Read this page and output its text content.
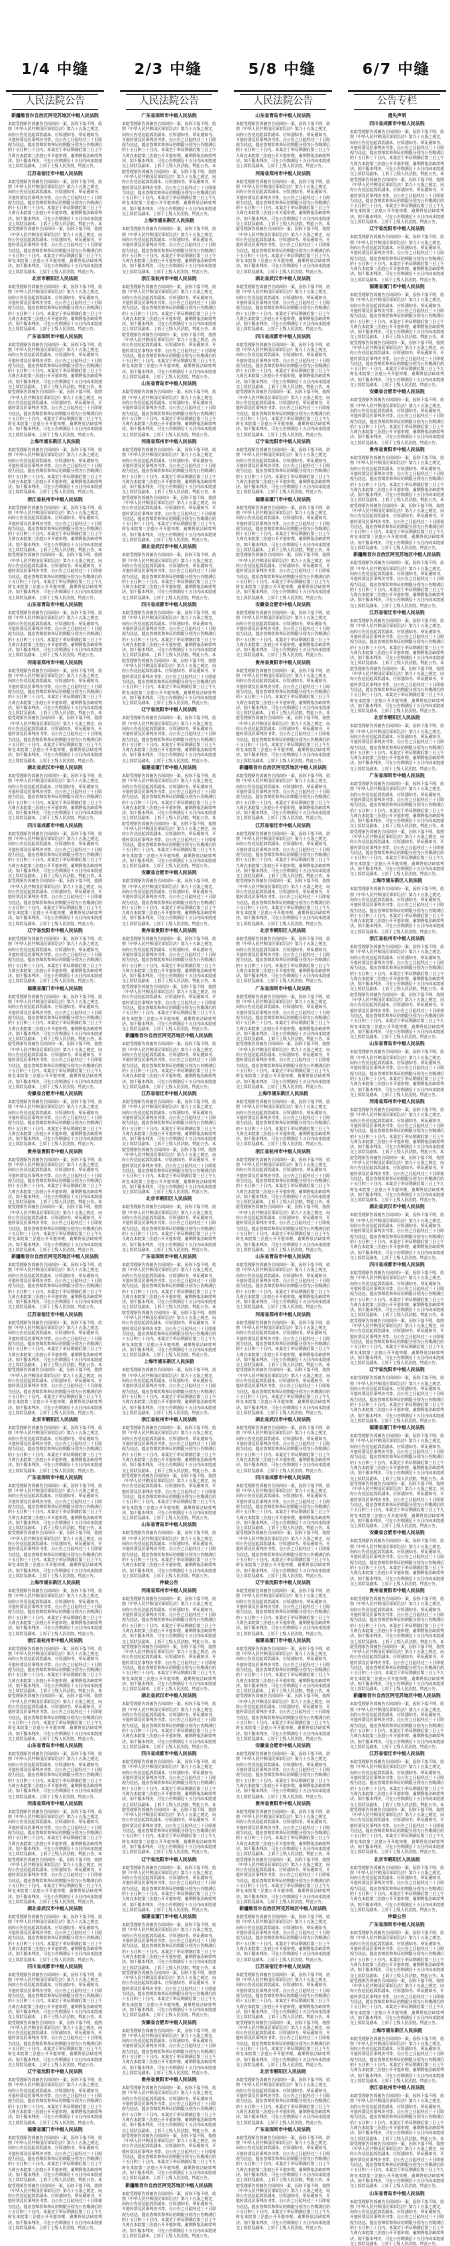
1/4 中缝	2/3 中缝	5/8 中缝	6/7 中缝
人民法院公告
新疆维吾尔自治区阿克苏地区中级人民法院
本院受理原告诉被告合同纠纷一案，因你下落不明，依照《中华人民共和国民事诉讼法》第九十五条之规定，向你公告送达起诉状副本、应诉通知书、举证通知书、开庭传票及民事判决书等。自公告之日起经过三十日即视为送达。提出答辩状和举证的期限分别为公告期满后的十五日和三十日内。本案定于举证期满后第三日上午九时在本院第三法庭公开开庭审理，逾期将依法缺席判决。如不服本判决，可在公告期满后十五日内向本院递交上诉状及副本，上诉于上级人民法院。特此公告。
江苏省宿迁市中级人民法院
本院受理原告诉被告合同纠纷一案，因你下落不明，依照《中华人民共和国民事诉讼法》第九十五条之规定，向你公告送达起诉状副本、应诉通知书、举证通知书、开庭传票及民事判决书等。自公告之日起经过三十日即视为送达。提出答辩状和举证的期限分别为公告期满后的十五日和三十日内。本案定于举证期满后第三日上午九时在本院第三法庭公开开庭审理，逾期将依法缺席判决。如不服本判决，可在公告期满后十五日内向本院递交上诉状及副本，上诉于上级人民法院。特此公告。本院受理原告诉被告合同纠纷一案，因你下落不明，依照《中华人民共和国民事诉讼法》第九十五条之规定，向你公告送达起诉状副本、应诉通知书、举证通知书、开庭传票及民事判决书等。自公告之日起经过三十日即视为送达。提出答辩状和举证的期限分别为公告期满后的十五日和三十日内。本案定于举证期满后第三日上午九时在本院第三法庭公开开庭审理，逾期将依法缺席判决。如不服本判决，可在公告期满后十五日内向本院递交上诉状及副本，上诉于上级人民法院。特此公告。
北京市朝阳区人民法院
本院受理原告诉被告合同纠纷一案，因你下落不明，依照《中华人民共和国民事诉讼法》第九十五条之规定，向你公告送达起诉状副本、应诉通知书、举证通知书、开庭传票及民事判决书等。自公告之日起经过三十日即视为送达。提出答辩状和举证的期限分别为公告期满后的十五日和三十日内。本案定于举证期满后第三日上午九时在本院第三法庭公开开庭审理，逾期将依法缺席判决。如不服本判决，可在公告期满后十五日内向本院递交上诉状及副本，上诉于上级人民法院。特此公告。
广东省深圳市中级人民法院
本院受理原告诉被告合同纠纷一案，因你下落不明，依照《中华人民共和国民事诉讼法》第九十五条之规定，向你公告送达起诉状副本、应诉通知书、举证通知书、开庭传票及民事判决书等。自公告之日起经过三十日即视为送达。提出答辩状和举证的期限分别为公告期满后的十五日和三十日内。本案定于举证期满后第三日上午九时在本院第三法庭公开开庭审理，逾期将依法缺席判决。如不服本判决，可在公告期满后十五日内向本院递交上诉状及副本，上诉于上级人民法院。特此公告。本院受理原告诉被告合同纠纷一案，因你下落不明，依照《中华人民共和国民事诉讼法》第九十五条之规定，向你公告送达起诉状副本、应诉通知书、举证通知书、开庭传票及民事判决书等。自公告之日起经过三十日即视为送达。提出答辩状和举证的期限分别为公告期满后的十五日和三十日内。本案定于举证期满后第三日上午九时在本院第三法庭公开开庭审理，逾期将依法缺席判决。如不服本判决，可在公告期满后十五日内向本院递交上诉状及副本，上诉于上级人民法院。特此公告。
上海市浦东新区人民法院
本院受理原告诉被告合同纠纷一案，因你下落不明，依照《中华人民共和国民事诉讼法》第九十五条之规定，向你公告送达起诉状副本、应诉通知书、举证通知书、开庭传票及民事判决书等。自公告之日起经过三十日即视为送达。提出答辩状和举证的期限分别为公告期满后的十五日和三十日内。本案定于举证期满后第三日上午九时在本院第三法庭公开开庭审理，逾期将依法缺席判决。如不服本判决，可在公告期满后十五日内向本院递交上诉状及副本，上诉于上级人民法院。特此公告。
浙江省杭州市中级人民法院
本院受理原告诉被告合同纠纷一案，因你下落不明，依照《中华人民共和国民事诉讼法》第九十五条之规定，向你公告送达起诉状副本、应诉通知书、举证通知书、开庭传票及民事判决书等。自公告之日起经过三十日即视为送达。提出答辩状和举证的期限分别为公告期满后的十五日和三十日内。本案定于举证期满后第三日上午九时在本院第三法庭公开开庭审理，逾期将依法缺席判决。如不服本判决，可在公告期满后十五日内向本院递交上诉状及副本，上诉于上级人民法院。特此公告。本院受理原告诉被告合同纠纷一案，因你下落不明，依照《中华人民共和国民事诉讼法》第九十五条之规定，向你公告送达起诉状副本、应诉通知书、举证通知书、开庭传票及民事判决书等。自公告之日起经过三十日即视为送达。提出答辩状和举证的期限分别为公告期满后的十五日和三十日内。本案定于举证期满后第三日上午九时在本院第三法庭公开开庭审理，逾期将依法缺席判决。如不服本判决，可在公告期满后十五日内向本院递交上诉状及副本，上诉于上级人民法院。特此公告。
山东省青岛市中级人民法院
本院受理原告诉被告合同纠纷一案，因你下落不明，依照《中华人民共和国民事诉讼法》第九十五条之规定，向你公告送达起诉状副本、应诉通知书、举证通知书、开庭传票及民事判决书等。自公告之日起经过三十日即视为送达。提出答辩状和举证的期限分别为公告期满后的十五日和三十日内。本案定于举证期满后第三日上午九时在本院第三法庭公开开庭审理，逾期将依法缺席判决。如不服本判决，可在公告期满后十五日内向本院递交上诉状及副本，上诉于上级人民法院。特此公告。
河南省郑州市中级人民法院
本院受理原告诉被告合同纠纷一案，因你下落不明，依照《中华人民共和国民事诉讼法》第九十五条之规定，向你公告送达起诉状副本、应诉通知书、举证通知书、开庭传票及民事判决书等。自公告之日起经过三十日即视为送达。提出答辩状和举证的期限分别为公告期满后的十五日和三十日内。本案定于举证期满后第三日上午九时在本院第三法庭公开开庭审理，逾期将依法缺席判决。如不服本判决，可在公告期满后十五日内向本院递交上诉状及副本，上诉于上级人民法院。特此公告。本院受理原告诉被告合同纠纷一案，因你下落不明，依照《中华人民共和国民事诉讼法》第九十五条之规定，向你公告送达起诉状副本、应诉通知书、举证通知书、开庭传票及民事判决书等。自公告之日起经过三十日即视为送达。提出答辩状和举证的期限分别为公告期满后的十五日和三十日内。本案定于举证期满后第三日上午九时在本院第三法庭公开开庭审理，逾期将依法缺席判决。如不服本判决，可在公告期满后十五日内向本院递交上诉状及副本，上诉于上级人民法院。特此公告。
湖北省武汉市中级人民法院
本院受理原告诉被告合同纠纷一案，因你下落不明，依照《中华人民共和国民事诉讼法》第九十五条之规定，向你公告送达起诉状副本、应诉通知书、举证通知书、开庭传票及民事判决书等。自公告之日起经过三十日即视为送达。提出答辩状和举证的期限分别为公告期满后的十五日和三十日内。本案定于举证期满后第三日上午九时在本院第三法庭公开开庭审理，逾期将依法缺席判决。如不服本判决，可在公告期满后十五日内向本院递交上诉状及副本，上诉于上级人民法院。特此公告。
四川省成都市中级人民法院
本院受理原告诉被告合同纠纷一案，因你下落不明，依照《中华人民共和国民事诉讼法》第九十五条之规定，向你公告送达起诉状副本、应诉通知书、举证通知书、开庭传票及民事判决书等。自公告之日起经过三十日即视为送达。提出答辩状和举证的期限分别为公告期满后的十五日和三十日内。本案定于举证期满后第三日上午九时在本院第三法庭公开开庭审理，逾期将依法缺席判决。如不服本判决，可在公告期满后十五日内向本院递交上诉状及副本，上诉于上级人民法院。特此公告。本院受理原告诉被告合同纠纷一案，因你下落不明，依照《中华人民共和国民事诉讼法》第九十五条之规定，向你公告送达起诉状副本、应诉通知书、举证通知书、开庭传票及民事判决书等。自公告之日起经过三十日即视为送达。提出答辩状和举证的期限分别为公告期满后的十五日和三十日内。本案定于举证期满后第三日上午九时在本院第三法庭公开开庭审理，逾期将依法缺席判决。如不服本判决，可在公告期满后十五日内向本院递交上诉状及副本，上诉于上级人民法院。特此公告。
辽宁省沈阳市中级人民法院
本院受理原告诉被告合同纠纷一案，因你下落不明，依照《中华人民共和国民事诉讼法》第九十五条之规定，向你公告送达起诉状副本、应诉通知书、举证通知书、开庭传票及民事判决书等。自公告之日起经过三十日即视为送达。提出答辩状和举证的期限分别为公告期满后的十五日和三十日内。本案定于举证期满后第三日上午九时在本院第三法庭公开开庭审理，逾期将依法缺席判决。如不服本判决，可在公告期满后十五日内向本院递交上诉状及副本，上诉于上级人民法院。特此公告。
福建省厦门市中级人民法院
本院受理原告诉被告合同纠纷一案，因你下落不明，依照《中华人民共和国民事诉讼法》第九十五条之规定，向你公告送达起诉状副本、应诉通知书、举证通知书、开庭传票及民事判决书等。自公告之日起经过三十日即视为送达。提出答辩状和举证的期限分别为公告期满后的十五日和三十日内。本案定于举证期满后第三日上午九时在本院第三法庭公开开庭审理，逾期将依法缺席判决。如不服本判决，可在公告期满后十五日内向本院递交上诉状及副本，上诉于上级人民法院。特此公告。本院受理原告诉被告合同纠纷一案，因你下落不明，依照《中华人民共和国民事诉讼法》第九十五条之规定，向你公告送达起诉状副本、应诉通知书、举证通知书、开庭传票及民事判决书等。自公告之日起经过三十日即视为送达。提出答辩状和举证的期限分别为公告期满后的十五日和三十日内。本案定于举证期满后第三日上午九时在本院第三法庭公开开庭审理，逾期将依法缺席判决。如不服本判决，可在公告期满后十五日内向本院递交上诉状及副本，上诉于上级人民法院。特此公告。
安徽省合肥市中级人民法院
本院受理原告诉被告合同纠纷一案，因你下落不明，依照《中华人民共和国民事诉讼法》第九十五条之规定，向你公告送达起诉状副本、应诉通知书、举证通知书、开庭传票及民事判决书等。自公告之日起经过三十日即视为送达。提出答辩状和举证的期限分别为公告期满后的十五日和三十日内。本案定于举证期满后第三日上午九时在本院第三法庭公开开庭审理，逾期将依法缺席判决。如不服本判决，可在公告期满后十五日内向本院递交上诉状及副本，上诉于上级人民法院。特此公告。
贵州省贵阳市中级人民法院
本院受理原告诉被告合同纠纷一案，因你下落不明，依照《中华人民共和国民事诉讼法》第九十五条之规定，向你公告送达起诉状副本、应诉通知书、举证通知书、开庭传票及民事判决书等。自公告之日起经过三十日即视为送达。提出答辩状和举证的期限分别为公告期满后的十五日和三十日内。本案定于举证期满后第三日上午九时在本院第三法庭公开开庭审理，逾期将依法缺席判决。如不服本判决，可在公告期满后十五日内向本院递交上诉状及副本，上诉于上级人民法院。特此公告。本院受理原告诉被告合同纠纷一案，因你下落不明，依照《中华人民共和国民事诉讼法》第九十五条之规定，向你公告送达起诉状副本、应诉通知书、举证通知书、开庭传票及民事判决书等。自公告之日起经过三十日即视为送达。提出答辩状和举证的期限分别为公告期满后的十五日和三十日内。本案定于举证期满后第三日上午九时在本院第三法庭公开开庭审理，逾期将依法缺席判决。如不服本判决，可在公告期满后十五日内向本院递交上诉状及副本，上诉于上级人民法院。特此公告。
新疆维吾尔自治区阿克苏地区中级人民法院
本院受理原告诉被告合同纠纷一案，因你下落不明，依照《中华人民共和国民事诉讼法》第九十五条之规定，向你公告送达起诉状副本、应诉通知书、举证通知书、开庭传票及民事判决书等。自公告之日起经过三十日即视为送达。提出答辩状和举证的期限分别为公告期满后的十五日和三十日内。本案定于举证期满后第三日上午九时在本院第三法庭公开开庭审理，逾期将依法缺席判决。如不服本判决，可在公告期满后十五日内向本院递交上诉状及副本，上诉于上级人民法院。特此公告。
江苏省宿迁市中级人民法院
本院受理原告诉被告合同纠纷一案，因你下落不明，依照《中华人民共和国民事诉讼法》第九十五条之规定，向你公告送达起诉状副本、应诉通知书、举证通知书、开庭传票及民事判决书等。自公告之日起经过三十日即视为送达。提出答辩状和举证的期限分别为公告期满后的十五日和三十日内。本案定于举证期满后第三日上午九时在本院第三法庭公开开庭审理，逾期将依法缺席判决。如不服本判决，可在公告期满后十五日内向本院递交上诉状及副本，上诉于上级人民法院。特此公告。本院受理原告诉被告合同纠纷一案，因你下落不明，依照《中华人民共和国民事诉讼法》第九十五条之规定，向你公告送达起诉状副本、应诉通知书、举证通知书、开庭传票及民事判决书等。自公告之日起经过三十日即视为送达。提出答辩状和举证的期限分别为公告期满后的十五日和三十日内。本案定于举证期满后第三日上午九时在本院第三法庭公开开庭审理，逾期将依法缺席判决。如不服本判决，可在公告期满后十五日内向本院递交上诉状及副本，上诉于上级人民法院。特此公告。
北京市朝阳区人民法院
本院受理原告诉被告合同纠纷一案，因你下落不明，依照《中华人民共和国民事诉讼法》第九十五条之规定，向你公告送达起诉状副本、应诉通知书、举证通知书、开庭传票及民事判决书等。自公告之日起经过三十日即视为送达。提出答辩状和举证的期限分别为公告期满后的十五日和三十日内。本案定于举证期满后第三日上午九时在本院第三法庭公开开庭审理，逾期将依法缺席判决。如不服本判决，可在公告期满后十五日内向本院递交上诉状及副本，上诉于上级人民法院。特此公告。
广东省深圳市中级人民法院
本院受理原告诉被告合同纠纷一案，因你下落不明，依照《中华人民共和国民事诉讼法》第九十五条之规定，向你公告送达起诉状副本、应诉通知书、举证通知书、开庭传票及民事判决书等。自公告之日起经过三十日即视为送达。提出答辩状和举证的期限分别为公告期满后的十五日和三十日内。本案定于举证期满后第三日上午九时在本院第三法庭公开开庭审理，逾期将依法缺席判决。如不服本判决，可在公告期满后十五日内向本院递交上诉状及副本，上诉于上级人民法院。特此公告。本院受理原告诉被告合同纠纷一案，因你下落不明，依照《中华人民共和国民事诉讼法》第九十五条之规定，向你公告送达起诉状副本、应诉通知书、举证通知书、开庭传票及民事判决书等。自公告之日起经过三十日即视为送达。提出答辩状和举证的期限分别为公告期满后的十五日和三十日内。本案定于举证期满后第三日上午九时在本院第三法庭公开开庭审理，逾期将依法缺席判决。如不服本判决，可在公告期满后十五日内向本院递交上诉状及副本，上诉于上级人民法院。特此公告。
上海市浦东新区人民法院
本院受理原告诉被告合同纠纷一案，因你下落不明，依照《中华人民共和国民事诉讼法》第九十五条之规定，向你公告送达起诉状副本、应诉通知书、举证通知书、开庭传票及民事判决书等。自公告之日起经过三十日即视为送达。提出答辩状和举证的期限分别为公告期满后的十五日和三十日内。本案定于举证期满后第三日上午九时在本院第三法庭公开开庭审理，逾期将依法缺席判决。如不服本判决，可在公告期满后十五日内向本院递交上诉状及副本，上诉于上级人民法院。特此公告。
浙江省杭州市中级人民法院
本院受理原告诉被告合同纠纷一案，因你下落不明，依照《中华人民共和国民事诉讼法》第九十五条之规定，向你公告送达起诉状副本、应诉通知书、举证通知书、开庭传票及民事判决书等。自公告之日起经过三十日即视为送达。提出答辩状和举证的期限分别为公告期满后的十五日和三十日内。本案定于举证期满后第三日上午九时在本院第三法庭公开开庭审理，逾期将依法缺席判决。如不服本判决，可在公告期满后十五日内向本院递交上诉状及副本，上诉于上级人民法院。特此公告。本院受理原告诉被告合同纠纷一案，因你下落不明，依照《中华人民共和国民事诉讼法》第九十五条之规定，向你公告送达起诉状副本、应诉通知书、举证通知书、开庭传票及民事判决书等。自公告之日起经过三十日即视为送达。提出答辩状和举证的期限分别为公告期满后的十五日和三十日内。本案定于举证期满后第三日上午九时在本院第三法庭公开开庭审理，逾期将依法缺席判决。如不服本判决，可在公告期满后十五日内向本院递交上诉状及副本，上诉于上级人民法院。特此公告。
山东省青岛市中级人民法院
本院受理原告诉被告合同纠纷一案，因你下落不明，依照《中华人民共和国民事诉讼法》第九十五条之规定，向你公告送达起诉状副本、应诉通知书、举证通知书、开庭传票及民事判决书等。自公告之日起经过三十日即视为送达。提出答辩状和举证的期限分别为公告期满后的十五日和三十日内。本案定于举证期满后第三日上午九时在本院第三法庭公开开庭审理，逾期将依法缺席判决。如不服本判决，可在公告期满后十五日内向本院递交上诉状及副本，上诉于上级人民法院。特此公告。
河南省郑州市中级人民法院
本院受理原告诉被告合同纠纷一案，因你下落不明，依照《中华人民共和国民事诉讼法》第九十五条之规定，向你公告送达起诉状副本、应诉通知书、举证通知书、开庭传票及民事判决书等。自公告之日起经过三十日即视为送达。提出答辩状和举证的期限分别为公告期满后的十五日和三十日内。本案定于举证期满后第三日上午九时在本院第三法庭公开开庭审理，逾期将依法缺席判决。如不服本判决，可在公告期满后十五日内向本院递交上诉状及副本，上诉于上级人民法院。特此公告。本院受理原告诉被告合同纠纷一案，因你下落不明，依照《中华人民共和国民事诉讼法》第九十五条之规定，向你公告送达起诉状副本、应诉通知书、举证通知书、开庭传票及民事判决书等。自公告之日起经过三十日即视为送达。提出答辩状和举证的期限分别为公告期满后的十五日和三十日内。本案定于举证期满后第三日上午九时在本院第三法庭公开开庭审理，逾期将依法缺席判决。如不服本判决，可在公告期满后十五日内向本院递交上诉状及副本，上诉于上级人民法院。特此公告。
湖北省武汉市中级人民法院
本院受理原告诉被告合同纠纷一案，因你下落不明，依照《中华人民共和国民事诉讼法》第九十五条之规定，向你公告送达起诉状副本、应诉通知书、举证通知书、开庭传票及民事判决书等。自公告之日起经过三十日即视为送达。提出答辩状和举证的期限分别为公告期满后的十五日和三十日内。本案定于举证期满后第三日上午九时在本院第三法庭公开开庭审理，逾期将依法缺席判决。如不服本判决，可在公告期满后十五日内向本院递交上诉状及副本，上诉于上级人民法院。特此公告。
四川省成都市中级人民法院
本院受理原告诉被告合同纠纷一案，因你下落不明，依照《中华人民共和国民事诉讼法》第九十五条之规定，向你公告送达起诉状副本、应诉通知书、举证通知书、开庭传票及民事判决书等。自公告之日起经过三十日即视为送达。提出答辩状和举证的期限分别为公告期满后的十五日和三十日内。本案定于举证期满后第三日上午九时在本院第三法庭公开开庭审理，逾期将依法缺席判决。如不服本判决，可在公告期满后十五日内向本院递交上诉状及副本，上诉于上级人民法院。特此公告。本院受理原告诉被告合同纠纷一案，因你下落不明，依照《中华人民共和国民事诉讼法》第九十五条之规定，向你公告送达起诉状副本、应诉通知书、举证通知书、开庭传票及民事判决书等。自公告之日起经过三十日即视为送达。提出答辩状和举证的期限分别为公告期满后的十五日和三十日内。本案定于举证期满后第三日上午九时在本院第三法庭公开开庭审理，逾期将依法缺席判决。如不服本判决，可在公告期满后十五日内向本院递交上诉状及副本，上诉于上级人民法院。特此公告。
辽宁省沈阳市中级人民法院
本院受理原告诉被告合同纠纷一案，因你下落不明，依照《中华人民共和国民事诉讼法》第九十五条之规定，向你公告送达起诉状副本、应诉通知书、举证通知书、开庭传票及民事判决书等。自公告之日起经过三十日即视为送达。提出答辩状和举证的期限分别为公告期满后的十五日和三十日内。本案定于举证期满后第三日上午九时在本院第三法庭公开开庭审理，逾期将依法缺席判决。如不服本判决，可在公告期满后十五日内向本院递交上诉状及副本，上诉于上级人民法院。特此公告。
福建省厦门市中级人民法院
本院受理原告诉被告合同纠纷一案，因你下落不明，依照《中华人民共和国民事诉讼法》第九十五条之规定，向你公告送达起诉状副本、应诉通知书、举证通知书、开庭传票及民事判决书等。自公告之日起经过三十日即视为送达。提出答辩状和举证的期限分别为公告期满后的十五日和三十日内。本案定于举证期满后第三日上午九时在本院第三法庭公开开庭审理，逾期将依法缺席判决。如不服本判决，可在公告期满后十五日内向本院递交上诉状及副本，上诉于上级人民法院。特此公告。本院受理原告诉被告合同纠纷一案，因你下落不明，依照《中华人民共和国民事诉讼法》第九十五条之规定，向你公告送达起诉状副本、应诉通知书、举证通知书、开庭传票及民事判决书等。自公告之日起经过三十日即视为送达。提出答辩状和举证的期限分别为公告期满后的十五日和三十日内。本案定于举证期满后第三日上午九时在本院第三法庭公开开庭审理，逾期将依法缺席判决。如不服本判决，可在公告期满后十五日内向本院递交上诉状及副本，上诉于上级人民法院。特此公告。
人民法院公告
广东省深圳市中级人民法院
本院受理原告诉被告合同纠纷一案，因你下落不明，依照《中华人民共和国民事诉讼法》第九十五条之规定，向你公告送达起诉状副本、应诉通知书、举证通知书、开庭传票及民事判决书等。自公告之日起经过三十日即视为送达。提出答辩状和举证的期限分别为公告期满后的十五日和三十日内。本案定于举证期满后第三日上午九时在本院第三法庭公开开庭审理，逾期将依法缺席判决。如不服本判决，可在公告期满后十五日内向本院递交上诉状及副本，上诉于上级人民法院。特此公告。本院受理原告诉被告合同纠纷一案，因你下落不明，依照《中华人民共和国民事诉讼法》第九十五条之规定，向你公告送达起诉状副本、应诉通知书、举证通知书、开庭传票及民事判决书等。自公告之日起经过三十日即视为送达。提出答辩状和举证的期限分别为公告期满后的十五日和三十日内。本案定于举证期满后第三日上午九时在本院第三法庭公开开庭审理，逾期将依法缺席判决。如不服本判决，可在公告期满后十五日内向本院递交上诉状及副本，上诉于上级人民法院。特此公告。
上海市浦东新区人民法院
本院受理原告诉被告合同纠纷一案，因你下落不明，依照《中华人民共和国民事诉讼法》第九十五条之规定，向你公告送达起诉状副本、应诉通知书、举证通知书、开庭传票及民事判决书等。自公告之日起经过三十日即视为送达。提出答辩状和举证的期限分别为公告期满后的十五日和三十日内。本案定于举证期满后第三日上午九时在本院第三法庭公开开庭审理，逾期将依法缺席判决。如不服本判决，可在公告期满后十五日内向本院递交上诉状及副本，上诉于上级人民法院。特此公告。
浙江省杭州市中级人民法院
本院受理原告诉被告合同纠纷一案，因你下落不明，依照《中华人民共和国民事诉讼法》第九十五条之规定，向你公告送达起诉状副本、应诉通知书、举证通知书、开庭传票及民事判决书等。自公告之日起经过三十日即视为送达。提出答辩状和举证的期限分别为公告期满后的十五日和三十日内。本案定于举证期满后第三日上午九时在本院第三法庭公开开庭审理，逾期将依法缺席判决。如不服本判决，可在公告期满后十五日内向本院递交上诉状及副本，上诉于上级人民法院。特此公告。本院受理原告诉被告合同纠纷一案，因你下落不明，依照《中华人民共和国民事诉讼法》第九十五条之规定，向你公告送达起诉状副本、应诉通知书、举证通知书、开庭传票及民事判决书等。自公告之日起经过三十日即视为送达。提出答辩状和举证的期限分别为公告期满后的十五日和三十日内。本案定于举证期满后第三日上午九时在本院第三法庭公开开庭审理，逾期将依法缺席判决。如不服本判决，可在公告期满后十五日内向本院递交上诉状及副本，上诉于上级人民法院。特此公告。
山东省青岛市中级人民法院
本院受理原告诉被告合同纠纷一案，因你下落不明，依照《中华人民共和国民事诉讼法》第九十五条之规定，向你公告送达起诉状副本、应诉通知书、举证通知书、开庭传票及民事判决书等。自公告之日起经过三十日即视为送达。提出答辩状和举证的期限分别为公告期满后的十五日和三十日内。本案定于举证期满后第三日上午九时在本院第三法庭公开开庭审理，逾期将依法缺席判决。如不服本判决，可在公告期满后十五日内向本院递交上诉状及副本，上诉于上级人民法院。特此公告。
河南省郑州市中级人民法院
本院受理原告诉被告合同纠纷一案，因你下落不明，依照《中华人民共和国民事诉讼法》第九十五条之规定，向你公告送达起诉状副本、应诉通知书、举证通知书、开庭传票及民事判决书等。自公告之日起经过三十日即视为送达。提出答辩状和举证的期限分别为公告期满后的十五日和三十日内。本案定于举证期满后第三日上午九时在本院第三法庭公开开庭审理，逾期将依法缺席判决。如不服本判决，可在公告期满后十五日内向本院递交上诉状及副本，上诉于上级人民法院。特此公告。本院受理原告诉被告合同纠纷一案，因你下落不明，依照《中华人民共和国民事诉讼法》第九十五条之规定，向你公告送达起诉状副本、应诉通知书、举证通知书、开庭传票及民事判决书等。自公告之日起经过三十日即视为送达。提出答辩状和举证的期限分别为公告期满后的十五日和三十日内。本案定于举证期满后第三日上午九时在本院第三法庭公开开庭审理，逾期将依法缺席判决。如不服本判决，可在公告期满后十五日内向本院递交上诉状及副本，上诉于上级人民法院。特此公告。
湖北省武汉市中级人民法院
本院受理原告诉被告合同纠纷一案，因你下落不明，依照《中华人民共和国民事诉讼法》第九十五条之规定，向你公告送达起诉状副本、应诉通知书、举证通知书、开庭传票及民事判决书等。自公告之日起经过三十日即视为送达。提出答辩状和举证的期限分别为公告期满后的十五日和三十日内。本案定于举证期满后第三日上午九时在本院第三法庭公开开庭审理，逾期将依法缺席判决。如不服本判决，可在公告期满后十五日内向本院递交上诉状及副本，上诉于上级人民法院。特此公告。
四川省成都市中级人民法院
本院受理原告诉被告合同纠纷一案，因你下落不明，依照《中华人民共和国民事诉讼法》第九十五条之规定，向你公告送达起诉状副本、应诉通知书、举证通知书、开庭传票及民事判决书等。自公告之日起经过三十日即视为送达。提出答辩状和举证的期限分别为公告期满后的十五日和三十日内。本案定于举证期满后第三日上午九时在本院第三法庭公开开庭审理，逾期将依法缺席判决。如不服本判决，可在公告期满后十五日内向本院递交上诉状及副本，上诉于上级人民法院。特此公告。本院受理原告诉被告合同纠纷一案，因你下落不明，依照《中华人民共和国民事诉讼法》第九十五条之规定，向你公告送达起诉状副本、应诉通知书、举证通知书、开庭传票及民事判决书等。自公告之日起经过三十日即视为送达。提出答辩状和举证的期限分别为公告期满后的十五日和三十日内。本案定于举证期满后第三日上午九时在本院第三法庭公开开庭审理，逾期将依法缺席判决。如不服本判决，可在公告期满后十五日内向本院递交上诉状及副本，上诉于上级人民法院。特此公告。
辽宁省沈阳市中级人民法院
本院受理原告诉被告合同纠纷一案，因你下落不明，依照《中华人民共和国民事诉讼法》第九十五条之规定，向你公告送达起诉状副本、应诉通知书、举证通知书、开庭传票及民事判决书等。自公告之日起经过三十日即视为送达。提出答辩状和举证的期限分别为公告期满后的十五日和三十日内。本案定于举证期满后第三日上午九时在本院第三法庭公开开庭审理，逾期将依法缺席判决。如不服本判决，可在公告期满后十五日内向本院递交上诉状及副本，上诉于上级人民法院。特此公告。
福建省厦门市中级人民法院
本院受理原告诉被告合同纠纷一案，因你下落不明，依照《中华人民共和国民事诉讼法》第九十五条之规定，向你公告送达起诉状副本、应诉通知书、举证通知书、开庭传票及民事判决书等。自公告之日起经过三十日即视为送达。提出答辩状和举证的期限分别为公告期满后的十五日和三十日内。本案定于举证期满后第三日上午九时在本院第三法庭公开开庭审理，逾期将依法缺席判决。如不服本判决，可在公告期满后十五日内向本院递交上诉状及副本，上诉于上级人民法院。特此公告。本院受理原告诉被告合同纠纷一案，因你下落不明，依照《中华人民共和国民事诉讼法》第九十五条之规定，向你公告送达起诉状副本、应诉通知书、举证通知书、开庭传票及民事判决书等。自公告之日起经过三十日即视为送达。提出答辩状和举证的期限分别为公告期满后的十五日和三十日内。本案定于举证期满后第三日上午九时在本院第三法庭公开开庭审理，逾期将依法缺席判决。如不服本判决，可在公告期满后十五日内向本院递交上诉状及副本，上诉于上级人民法院。特此公告。
安徽省合肥市中级人民法院
本院受理原告诉被告合同纠纷一案，因你下落不明，依照《中华人民共和国民事诉讼法》第九十五条之规定，向你公告送达起诉状副本、应诉通知书、举证通知书、开庭传票及民事判决书等。自公告之日起经过三十日即视为送达。提出答辩状和举证的期限分别为公告期满后的十五日和三十日内。本案定于举证期满后第三日上午九时在本院第三法庭公开开庭审理，逾期将依法缺席判决。如不服本判决，可在公告期满后十五日内向本院递交上诉状及副本，上诉于上级人民法院。特此公告。
贵州省贵阳市中级人民法院
本院受理原告诉被告合同纠纷一案，因你下落不明，依照《中华人民共和国民事诉讼法》第九十五条之规定，向你公告送达起诉状副本、应诉通知书、举证通知书、开庭传票及民事判决书等。自公告之日起经过三十日即视为送达。提出答辩状和举证的期限分别为公告期满后的十五日和三十日内。本案定于举证期满后第三日上午九时在本院第三法庭公开开庭审理，逾期将依法缺席判决。如不服本判决，可在公告期满后十五日内向本院递交上诉状及副本，上诉于上级人民法院。特此公告。本院受理原告诉被告合同纠纷一案，因你下落不明，依照《中华人民共和国民事诉讼法》第九十五条之规定，向你公告送达起诉状副本、应诉通知书、举证通知书、开庭传票及民事判决书等。自公告之日起经过三十日即视为送达。提出答辩状和举证的期限分别为公告期满后的十五日和三十日内。本案定于举证期满后第三日上午九时在本院第三法庭公开开庭审理，逾期将依法缺席判决。如不服本判决，可在公告期满后十五日内向本院递交上诉状及副本，上诉于上级人民法院。特此公告。
新疆维吾尔自治区阿克苏地区中级人民法院
本院受理原告诉被告合同纠纷一案，因你下落不明，依照《中华人民共和国民事诉讼法》第九十五条之规定，向你公告送达起诉状副本、应诉通知书、举证通知书、开庭传票及民事判决书等。自公告之日起经过三十日即视为送达。提出答辩状和举证的期限分别为公告期满后的十五日和三十日内。本案定于举证期满后第三日上午九时在本院第三法庭公开开庭审理，逾期将依法缺席判决。如不服本判决，可在公告期满后十五日内向本院递交上诉状及副本，上诉于上级人民法院。特此公告。
江苏省宿迁市中级人民法院
本院受理原告诉被告合同纠纷一案，因你下落不明，依照《中华人民共和国民事诉讼法》第九十五条之规定，向你公告送达起诉状副本、应诉通知书、举证通知书、开庭传票及民事判决书等。自公告之日起经过三十日即视为送达。提出答辩状和举证的期限分别为公告期满后的十五日和三十日内。本案定于举证期满后第三日上午九时在本院第三法庭公开开庭审理，逾期将依法缺席判决。如不服本判决，可在公告期满后十五日内向本院递交上诉状及副本，上诉于上级人民法院。特此公告。本院受理原告诉被告合同纠纷一案，因你下落不明，依照《中华人民共和国民事诉讼法》第九十五条之规定，向你公告送达起诉状副本、应诉通知书、举证通知书、开庭传票及民事判决书等。自公告之日起经过三十日即视为送达。提出答辩状和举证的期限分别为公告期满后的十五日和三十日内。本案定于举证期满后第三日上午九时在本院第三法庭公开开庭审理，逾期将依法缺席判决。如不服本判决，可在公告期满后十五日内向本院递交上诉状及副本，上诉于上级人民法院。特此公告。
北京市朝阳区人民法院
本院受理原告诉被告合同纠纷一案，因你下落不明，依照《中华人民共和国民事诉讼法》第九十五条之规定，向你公告送达起诉状副本、应诉通知书、举证通知书、开庭传票及民事判决书等。自公告之日起经过三十日即视为送达。提出答辩状和举证的期限分别为公告期满后的十五日和三十日内。本案定于举证期满后第三日上午九时在本院第三法庭公开开庭审理，逾期将依法缺席判决。如不服本判决，可在公告期满后十五日内向本院递交上诉状及副本，上诉于上级人民法院。特此公告。
广东省深圳市中级人民法院
本院受理原告诉被告合同纠纷一案，因你下落不明，依照《中华人民共和国民事诉讼法》第九十五条之规定，向你公告送达起诉状副本、应诉通知书、举证通知书、开庭传票及民事判决书等。自公告之日起经过三十日即视为送达。提出答辩状和举证的期限分别为公告期满后的十五日和三十日内。本案定于举证期满后第三日上午九时在本院第三法庭公开开庭审理，逾期将依法缺席判决。如不服本判决，可在公告期满后十五日内向本院递交上诉状及副本，上诉于上级人民法院。特此公告。本院受理原告诉被告合同纠纷一案，因你下落不明，依照《中华人民共和国民事诉讼法》第九十五条之规定，向你公告送达起诉状副本、应诉通知书、举证通知书、开庭传票及民事判决书等。自公告之日起经过三十日即视为送达。提出答辩状和举证的期限分别为公告期满后的十五日和三十日内。本案定于举证期满后第三日上午九时在本院第三法庭公开开庭审理，逾期将依法缺席判决。如不服本判决，可在公告期满后十五日内向本院递交上诉状及副本，上诉于上级人民法院。特此公告。
上海市浦东新区人民法院
本院受理原告诉被告合同纠纷一案，因你下落不明，依照《中华人民共和国民事诉讼法》第九十五条之规定，向你公告送达起诉状副本、应诉通知书、举证通知书、开庭传票及民事判决书等。自公告之日起经过三十日即视为送达。提出答辩状和举证的期限分别为公告期满后的十五日和三十日内。本案定于举证期满后第三日上午九时在本院第三法庭公开开庭审理，逾期将依法缺席判决。如不服本判决，可在公告期满后十五日内向本院递交上诉状及副本，上诉于上级人民法院。特此公告。
浙江省杭州市中级人民法院
本院受理原告诉被告合同纠纷一案，因你下落不明，依照《中华人民共和国民事诉讼法》第九十五条之规定，向你公告送达起诉状副本、应诉通知书、举证通知书、开庭传票及民事判决书等。自公告之日起经过三十日即视为送达。提出答辩状和举证的期限分别为公告期满后的十五日和三十日内。本案定于举证期满后第三日上午九时在本院第三法庭公开开庭审理，逾期将依法缺席判决。如不服本判决，可在公告期满后十五日内向本院递交上诉状及副本，上诉于上级人民法院。特此公告。本院受理原告诉被告合同纠纷一案，因你下落不明，依照《中华人民共和国民事诉讼法》第九十五条之规定，向你公告送达起诉状副本、应诉通知书、举证通知书、开庭传票及民事判决书等。自公告之日起经过三十日即视为送达。提出答辩状和举证的期限分别为公告期满后的十五日和三十日内。本案定于举证期满后第三日上午九时在本院第三法庭公开开庭审理，逾期将依法缺席判决。如不服本判决，可在公告期满后十五日内向本院递交上诉状及副本，上诉于上级人民法院。特此公告。
山东省青岛市中级人民法院
本院受理原告诉被告合同纠纷一案，因你下落不明，依照《中华人民共和国民事诉讼法》第九十五条之规定，向你公告送达起诉状副本、应诉通知书、举证通知书、开庭传票及民事判决书等。自公告之日起经过三十日即视为送达。提出答辩状和举证的期限分别为公告期满后的十五日和三十日内。本案定于举证期满后第三日上午九时在本院第三法庭公开开庭审理，逾期将依法缺席判决。如不服本判决，可在公告期满后十五日内向本院递交上诉状及副本，上诉于上级人民法院。特此公告。
仲裁公告
河南省郑州市中级人民法院
本院受理原告诉被告合同纠纷一案，因你下落不明，依照《中华人民共和国民事诉讼法》第九十五条之规定，向你公告送达起诉状副本、应诉通知书、举证通知书、开庭传票及民事判决书等。自公告之日起经过三十日即视为送达。提出答辩状和举证的期限分别为公告期满后的十五日和三十日内。本案定于举证期满后第三日上午九时在本院第三法庭公开开庭审理，逾期将依法缺席判决。如不服本判决，可在公告期满后十五日内向本院递交上诉状及副本，上诉于上级人民法院。特此公告。本院受理原告诉被告合同纠纷一案，因你下落不明，依照《中华人民共和国民事诉讼法》第九十五条之规定，向你公告送达起诉状副本、应诉通知书、举证通知书、开庭传票及民事判决书等。自公告之日起经过三十日即视为送达。提出答辩状和举证的期限分别为公告期满后的十五日和三十日内。本案定于举证期满后第三日上午九时在本院第三法庭公开开庭审理，逾期将依法缺席判决。如不服本判决，可在公告期满后十五日内向本院递交上诉状及副本，上诉于上级人民法院。特此公告。
湖北省武汉市中级人民法院
本院受理原告诉被告合同纠纷一案，因你下落不明，依照《中华人民共和国民事诉讼法》第九十五条之规定，向你公告送达起诉状副本、应诉通知书、举证通知书、开庭传票及民事判决书等。自公告之日起经过三十日即视为送达。提出答辩状和举证的期限分别为公告期满后的十五日和三十日内。本案定于举证期满后第三日上午九时在本院第三法庭公开开庭审理，逾期将依法缺席判决。如不服本判决，可在公告期满后十五日内向本院递交上诉状及副本，上诉于上级人民法院。特此公告。
四川省成都市中级人民法院
本院受理原告诉被告合同纠纷一案，因你下落不明，依照《中华人民共和国民事诉讼法》第九十五条之规定，向你公告送达起诉状副本、应诉通知书、举证通知书、开庭传票及民事判决书等。自公告之日起经过三十日即视为送达。提出答辩状和举证的期限分别为公告期满后的十五日和三十日内。本案定于举证期满后第三日上午九时在本院第三法庭公开开庭审理，逾期将依法缺席判决。如不服本判决，可在公告期满后十五日内向本院递交上诉状及副本，上诉于上级人民法院。特此公告。本院受理原告诉被告合同纠纷一案，因你下落不明，依照《中华人民共和国民事诉讼法》第九十五条之规定，向你公告送达起诉状副本、应诉通知书、举证通知书、开庭传票及民事判决书等。自公告之日起经过三十日即视为送达。提出答辩状和举证的期限分别为公告期满后的十五日和三十日内。本案定于举证期满后第三日上午九时在本院第三法庭公开开庭审理，逾期将依法缺席判决。如不服本判决，可在公告期满后十五日内向本院递交上诉状及副本，上诉于上级人民法院。特此公告。
辽宁省沈阳市中级人民法院
本院受理原告诉被告合同纠纷一案，因你下落不明，依照《中华人民共和国民事诉讼法》第九十五条之规定，向你公告送达起诉状副本、应诉通知书、举证通知书、开庭传票及民事判决书等。自公告之日起经过三十日即视为送达。提出答辩状和举证的期限分别为公告期满后的十五日和三十日内。本案定于举证期满后第三日上午九时在本院第三法庭公开开庭审理，逾期将依法缺席判决。如不服本判决，可在公告期满后十五日内向本院递交上诉状及副本，上诉于上级人民法院。特此公告。
福建省厦门市中级人民法院
本院受理原告诉被告合同纠纷一案，因你下落不明，依照《中华人民共和国民事诉讼法》第九十五条之规定，向你公告送达起诉状副本、应诉通知书、举证通知书、开庭传票及民事判决书等。自公告之日起经过三十日即视为送达。提出答辩状和举证的期限分别为公告期满后的十五日和三十日内。本案定于举证期满后第三日上午九时在本院第三法庭公开开庭审理，逾期将依法缺席判决。如不服本判决，可在公告期满后十五日内向本院递交上诉状及副本，上诉于上级人民法院。特此公告。本院受理原告诉被告合同纠纷一案，因你下落不明，依照《中华人民共和国民事诉讼法》第九十五条之规定，向你公告送达起诉状副本、应诉通知书、举证通知书、开庭传票及民事判决书等。自公告之日起经过三十日即视为送达。提出答辩状和举证的期限分别为公告期满后的十五日和三十日内。本案定于举证期满后第三日上午九时在本院第三法庭公开开庭审理，逾期将依法缺席判决。如不服本判决，可在公告期满后十五日内向本院递交上诉状及副本，上诉于上级人民法院。特此公告。
安徽省合肥市中级人民法院
本院受理原告诉被告合同纠纷一案，因你下落不明，依照《中华人民共和国民事诉讼法》第九十五条之规定，向你公告送达起诉状副本、应诉通知书、举证通知书、开庭传票及民事判决书等。自公告之日起经过三十日即视为送达。提出答辩状和举证的期限分别为公告期满后的十五日和三十日内。本案定于举证期满后第三日上午九时在本院第三法庭公开开庭审理，逾期将依法缺席判决。如不服本判决，可在公告期满后十五日内向本院递交上诉状及副本，上诉于上级人民法院。特此公告。
贵州省贵阳市中级人民法院
本院受理原告诉被告合同纠纷一案，因你下落不明，依照《中华人民共和国民事诉讼法》第九十五条之规定，向你公告送达起诉状副本、应诉通知书、举证通知书、开庭传票及民事判决书等。自公告之日起经过三十日即视为送达。提出答辩状和举证的期限分别为公告期满后的十五日和三十日内。本案定于举证期满后第三日上午九时在本院第三法庭公开开庭审理，逾期将依法缺席判决。如不服本判决，可在公告期满后十五日内向本院递交上诉状及副本，上诉于上级人民法院。特此公告。本院受理原告诉被告合同纠纷一案，因你下落不明，依照《中华人民共和国民事诉讼法》第九十五条之规定，向你公告送达起诉状副本、应诉通知书、举证通知书、开庭传票及民事判决书等。自公告之日起经过三十日即视为送达。提出答辩状和举证的期限分别为公告期满后的十五日和三十日内。本案定于举证期满后第三日上午九时在本院第三法庭公开开庭审理，逾期将依法缺席判决。如不服本判决，可在公告期满后十五日内向本院递交上诉状及副本，上诉于上级人民法院。特此公告。
新疆维吾尔自治区阿克苏地区中级人民法院
本院受理原告诉被告合同纠纷一案，因你下落不明，依照《中华人民共和国民事诉讼法》第九十五条之规定，向你公告送达起诉状副本、应诉通知书、举证通知书、开庭传票及民事判决书等。自公告之日起经过三十日即视为送达。提出答辩状和举证的期限分别为公告期满后的十五日和三十日内。本案定于举证期满后第三日上午九时在本院第三法庭公开开庭审理，逾期将依法缺席判决。如不服本判决，可在公告期满后十五日内向本院递交上诉状及副本，上诉于上级人民法院。特此公告。
人民法院公告
山东省青岛市中级人民法院
本院受理原告诉被告合同纠纷一案，因你下落不明，依照《中华人民共和国民事诉讼法》第九十五条之规定，向你公告送达起诉状副本、应诉通知书、举证通知书、开庭传票及民事判决书等。自公告之日起经过三十日即视为送达。提出答辩状和举证的期限分别为公告期满后的十五日和三十日内。本案定于举证期满后第三日上午九时在本院第三法庭公开开庭审理，逾期将依法缺席判决。如不服本判决，可在公告期满后十五日内向本院递交上诉状及副本，上诉于上级人民法院。特此公告。
河南省郑州市中级人民法院
本院受理原告诉被告合同纠纷一案，因你下落不明，依照《中华人民共和国民事诉讼法》第九十五条之规定，向你公告送达起诉状副本、应诉通知书、举证通知书、开庭传票及民事判决书等。自公告之日起经过三十日即视为送达。提出答辩状和举证的期限分别为公告期满后的十五日和三十日内。本案定于举证期满后第三日上午九时在本院第三法庭公开开庭审理，逾期将依法缺席判决。如不服本判决，可在公告期满后十五日内向本院递交上诉状及副本，上诉于上级人民法院。特此公告。本院受理原告诉被告合同纠纷一案，因你下落不明，依照《中华人民共和国民事诉讼法》第九十五条之规定，向你公告送达起诉状副本、应诉通知书、举证通知书、开庭传票及民事判决书等。自公告之日起经过三十日即视为送达。提出答辩状和举证的期限分别为公告期满后的十五日和三十日内。本案定于举证期满后第三日上午九时在本院第三法庭公开开庭审理，逾期将依法缺席判决。如不服本判决，可在公告期满后十五日内向本院递交上诉状及副本，上诉于上级人民法院。特此公告。
湖北省武汉市中级人民法院
本院受理原告诉被告合同纠纷一案，因你下落不明，依照《中华人民共和国民事诉讼法》第九十五条之规定，向你公告送达起诉状副本、应诉通知书、举证通知书、开庭传票及民事判决书等。自公告之日起经过三十日即视为送达。提出答辩状和举证的期限分别为公告期满后的十五日和三十日内。本案定于举证期满后第三日上午九时在本院第三法庭公开开庭审理，逾期将依法缺席判决。如不服本判决，可在公告期满后十五日内向本院递交上诉状及副本，上诉于上级人民法院。特此公告。
四川省成都市中级人民法院
本院受理原告诉被告合同纠纷一案，因你下落不明，依照《中华人民共和国民事诉讼法》第九十五条之规定，向你公告送达起诉状副本、应诉通知书、举证通知书、开庭传票及民事判决书等。自公告之日起经过三十日即视为送达。提出答辩状和举证的期限分别为公告期满后的十五日和三十日内。本案定于举证期满后第三日上午九时在本院第三法庭公开开庭审理，逾期将依法缺席判决。如不服本判决，可在公告期满后十五日内向本院递交上诉状及副本，上诉于上级人民法院。特此公告。本院受理原告诉被告合同纠纷一案，因你下落不明，依照《中华人民共和国民事诉讼法》第九十五条之规定，向你公告送达起诉状副本、应诉通知书、举证通知书、开庭传票及民事判决书等。自公告之日起经过三十日即视为送达。提出答辩状和举证的期限分别为公告期满后的十五日和三十日内。本案定于举证期满后第三日上午九时在本院第三法庭公开开庭审理，逾期将依法缺席判决。如不服本判决，可在公告期满后十五日内向本院递交上诉状及副本，上诉于上级人民法院。特此公告。
辽宁省沈阳市中级人民法院
本院受理原告诉被告合同纠纷一案，因你下落不明，依照《中华人民共和国民事诉讼法》第九十五条之规定，向你公告送达起诉状副本、应诉通知书、举证通知书、开庭传票及民事判决书等。自公告之日起经过三十日即视为送达。提出答辩状和举证的期限分别为公告期满后的十五日和三十日内。本案定于举证期满后第三日上午九时在本院第三法庭公开开庭审理，逾期将依法缺席判决。如不服本判决，可在公告期满后十五日内向本院递交上诉状及副本，上诉于上级人民法院。特此公告。
福建省厦门市中级人民法院
本院受理原告诉被告合同纠纷一案，因你下落不明，依照《中华人民共和国民事诉讼法》第九十五条之规定，向你公告送达起诉状副本、应诉通知书、举证通知书、开庭传票及民事判决书等。自公告之日起经过三十日即视为送达。提出答辩状和举证的期限分别为公告期满后的十五日和三十日内。本案定于举证期满后第三日上午九时在本院第三法庭公开开庭审理，逾期将依法缺席判决。如不服本判决，可在公告期满后十五日内向本院递交上诉状及副本，上诉于上级人民法院。特此公告。本院受理原告诉被告合同纠纷一案，因你下落不明，依照《中华人民共和国民事诉讼法》第九十五条之规定，向你公告送达起诉状副本、应诉通知书、举证通知书、开庭传票及民事判决书等。自公告之日起经过三十日即视为送达。提出答辩状和举证的期限分别为公告期满后的十五日和三十日内。本案定于举证期满后第三日上午九时在本院第三法庭公开开庭审理，逾期将依法缺席判决。如不服本判决，可在公告期满后十五日内向本院递交上诉状及副本，上诉于上级人民法院。特此公告。
安徽省合肥市中级人民法院
本院受理原告诉被告合同纠纷一案，因你下落不明，依照《中华人民共和国民事诉讼法》第九十五条之规定，向你公告送达起诉状副本、应诉通知书、举证通知书、开庭传票及民事判决书等。自公告之日起经过三十日即视为送达。提出答辩状和举证的期限分别为公告期满后的十五日和三十日内。本案定于举证期满后第三日上午九时在本院第三法庭公开开庭审理，逾期将依法缺席判决。如不服本判决，可在公告期满后十五日内向本院递交上诉状及副本，上诉于上级人民法院。特此公告。
贵州省贵阳市中级人民法院
本院受理原告诉被告合同纠纷一案，因你下落不明，依照《中华人民共和国民事诉讼法》第九十五条之规定，向你公告送达起诉状副本、应诉通知书、举证通知书、开庭传票及民事判决书等。自公告之日起经过三十日即视为送达。提出答辩状和举证的期限分别为公告期满后的十五日和三十日内。本案定于举证期满后第三日上午九时在本院第三法庭公开开庭审理，逾期将依法缺席判决。如不服本判决，可在公告期满后十五日内向本院递交上诉状及副本，上诉于上级人民法院。特此公告。本院受理原告诉被告合同纠纷一案，因你下落不明，依照《中华人民共和国民事诉讼法》第九十五条之规定，向你公告送达起诉状副本、应诉通知书、举证通知书、开庭传票及民事判决书等。自公告之日起经过三十日即视为送达。提出答辩状和举证的期限分别为公告期满后的十五日和三十日内。本案定于举证期满后第三日上午九时在本院第三法庭公开开庭审理，逾期将依法缺席判决。如不服本判决，可在公告期满后十五日内向本院递交上诉状及副本，上诉于上级人民法院。特此公告。
新疆维吾尔自治区阿克苏地区中级人民法院
本院受理原告诉被告合同纠纷一案，因你下落不明，依照《中华人民共和国民事诉讼法》第九十五条之规定，向你公告送达起诉状副本、应诉通知书、举证通知书、开庭传票及民事判决书等。自公告之日起经过三十日即视为送达。提出答辩状和举证的期限分别为公告期满后的十五日和三十日内。本案定于举证期满后第三日上午九时在本院第三法庭公开开庭审理，逾期将依法缺席判决。如不服本判决，可在公告期满后十五日内向本院递交上诉状及副本，上诉于上级人民法院。特此公告。
江苏省宿迁市中级人民法院
本院受理原告诉被告合同纠纷一案，因你下落不明，依照《中华人民共和国民事诉讼法》第九十五条之规定，向你公告送达起诉状副本、应诉通知书、举证通知书、开庭传票及民事判决书等。自公告之日起经过三十日即视为送达。提出答辩状和举证的期限分别为公告期满后的十五日和三十日内。本案定于举证期满后第三日上午九时在本院第三法庭公开开庭审理，逾期将依法缺席判决。如不服本判决，可在公告期满后十五日内向本院递交上诉状及副本，上诉于上级人民法院。特此公告。本院受理原告诉被告合同纠纷一案，因你下落不明，依照《中华人民共和国民事诉讼法》第九十五条之规定，向你公告送达起诉状副本、应诉通知书、举证通知书、开庭传票及民事判决书等。自公告之日起经过三十日即视为送达。提出答辩状和举证的期限分别为公告期满后的十五日和三十日内。本案定于举证期满后第三日上午九时在本院第三法庭公开开庭审理，逾期将依法缺席判决。如不服本判决，可在公告期满后十五日内向本院递交上诉状及副本，上诉于上级人民法院。特此公告。
北京市朝阳区人民法院
本院受理原告诉被告合同纠纷一案，因你下落不明，依照《中华人民共和国民事诉讼法》第九十五条之规定，向你公告送达起诉状副本、应诉通知书、举证通知书、开庭传票及民事判决书等。自公告之日起经过三十日即视为送达。提出答辩状和举证的期限分别为公告期满后的十五日和三十日内。本案定于举证期满后第三日上午九时在本院第三法庭公开开庭审理，逾期将依法缺席判决。如不服本判决，可在公告期满后十五日内向本院递交上诉状及副本，上诉于上级人民法院。特此公告。
广东省深圳市中级人民法院
本院受理原告诉被告合同纠纷一案，因你下落不明，依照《中华人民共和国民事诉讼法》第九十五条之规定，向你公告送达起诉状副本、应诉通知书、举证通知书、开庭传票及民事判决书等。自公告之日起经过三十日即视为送达。提出答辩状和举证的期限分别为公告期满后的十五日和三十日内。本案定于举证期满后第三日上午九时在本院第三法庭公开开庭审理，逾期将依法缺席判决。如不服本判决，可在公告期满后十五日内向本院递交上诉状及副本，上诉于上级人民法院。特此公告。本院受理原告诉被告合同纠纷一案，因你下落不明，依照《中华人民共和国民事诉讼法》第九十五条之规定，向你公告送达起诉状副本、应诉通知书、举证通知书、开庭传票及民事判决书等。自公告之日起经过三十日即视为送达。提出答辩状和举证的期限分别为公告期满后的十五日和三十日内。本案定于举证期满后第三日上午九时在本院第三法庭公开开庭审理，逾期将依法缺席判决。如不服本判决，可在公告期满后十五日内向本院递交上诉状及副本，上诉于上级人民法院。特此公告。
上海市浦东新区人民法院
本院受理原告诉被告合同纠纷一案，因你下落不明，依照《中华人民共和国民事诉讼法》第九十五条之规定，向你公告送达起诉状副本、应诉通知书、举证通知书、开庭传票及民事判决书等。自公告之日起经过三十日即视为送达。提出答辩状和举证的期限分别为公告期满后的十五日和三十日内。本案定于举证期满后第三日上午九时在本院第三法庭公开开庭审理，逾期将依法缺席判决。如不服本判决，可在公告期满后十五日内向本院递交上诉状及副本，上诉于上级人民法院。特此公告。
浙江省杭州市中级人民法院
本院受理原告诉被告合同纠纷一案，因你下落不明，依照《中华人民共和国民事诉讼法》第九十五条之规定，向你公告送达起诉状副本、应诉通知书、举证通知书、开庭传票及民事判决书等。自公告之日起经过三十日即视为送达。提出答辩状和举证的期限分别为公告期满后的十五日和三十日内。本案定于举证期满后第三日上午九时在本院第三法庭公开开庭审理，逾期将依法缺席判决。如不服本判决，可在公告期满后十五日内向本院递交上诉状及副本，上诉于上级人民法院。特此公告。本院受理原告诉被告合同纠纷一案，因你下落不明，依照《中华人民共和国民事诉讼法》第九十五条之规定，向你公告送达起诉状副本、应诉通知书、举证通知书、开庭传票及民事判决书等。自公告之日起经过三十日即视为送达。提出答辩状和举证的期限分别为公告期满后的十五日和三十日内。本案定于举证期满后第三日上午九时在本院第三法庭公开开庭审理，逾期将依法缺席判决。如不服本判决，可在公告期满后十五日内向本院递交上诉状及副本，上诉于上级人民法院。特此公告。
山东省青岛市中级人民法院
本院受理原告诉被告合同纠纷一案，因你下落不明，依照《中华人民共和国民事诉讼法》第九十五条之规定，向你公告送达起诉状副本、应诉通知书、举证通知书、开庭传票及民事判决书等。自公告之日起经过三十日即视为送达。提出答辩状和举证的期限分别为公告期满后的十五日和三十日内。本案定于举证期满后第三日上午九时在本院第三法庭公开开庭审理，逾期将依法缺席判决。如不服本判决，可在公告期满后十五日内向本院递交上诉状及副本，上诉于上级人民法院。特此公告。
河南省郑州市中级人民法院
本院受理原告诉被告合同纠纷一案，因你下落不明，依照《中华人民共和国民事诉讼法》第九十五条之规定，向你公告送达起诉状副本、应诉通知书、举证通知书、开庭传票及民事判决书等。自公告之日起经过三十日即视为送达。提出答辩状和举证的期限分别为公告期满后的十五日和三十日内。本案定于举证期满后第三日上午九时在本院第三法庭公开开庭审理，逾期将依法缺席判决。如不服本判决，可在公告期满后十五日内向本院递交上诉状及副本，上诉于上级人民法院。特此公告。本院受理原告诉被告合同纠纷一案，因你下落不明，依照《中华人民共和国民事诉讼法》第九十五条之规定，向你公告送达起诉状副本、应诉通知书、举证通知书、开庭传票及民事判决书等。自公告之日起经过三十日即视为送达。提出答辩状和举证的期限分别为公告期满后的十五日和三十日内。本案定于举证期满后第三日上午九时在本院第三法庭公开开庭审理，逾期将依法缺席判决。如不服本判决，可在公告期满后十五日内向本院递交上诉状及副本，上诉于上级人民法院。特此公告。
湖北省武汉市中级人民法院
本院受理原告诉被告合同纠纷一案，因你下落不明，依照《中华人民共和国民事诉讼法》第九十五条之规定，向你公告送达起诉状副本、应诉通知书、举证通知书、开庭传票及民事判决书等。自公告之日起经过三十日即视为送达。提出答辩状和举证的期限分别为公告期满后的十五日和三十日内。本案定于举证期满后第三日上午九时在本院第三法庭公开开庭审理，逾期将依法缺席判决。如不服本判决，可在公告期满后十五日内向本院递交上诉状及副本，上诉于上级人民法院。特此公告。
四川省成都市中级人民法院
本院受理原告诉被告合同纠纷一案，因你下落不明，依照《中华人民共和国民事诉讼法》第九十五条之规定，向你公告送达起诉状副本、应诉通知书、举证通知书、开庭传票及民事判决书等。自公告之日起经过三十日即视为送达。提出答辩状和举证的期限分别为公告期满后的十五日和三十日内。本案定于举证期满后第三日上午九时在本院第三法庭公开开庭审理，逾期将依法缺席判决。如不服本判决，可在公告期满后十五日内向本院递交上诉状及副本，上诉于上级人民法院。特此公告。本院受理原告诉被告合同纠纷一案，因你下落不明，依照《中华人民共和国民事诉讼法》第九十五条之规定，向你公告送达起诉状副本、应诉通知书、举证通知书、开庭传票及民事判决书等。自公告之日起经过三十日即视为送达。提出答辩状和举证的期限分别为公告期满后的十五日和三十日内。本案定于举证期满后第三日上午九时在本院第三法庭公开开庭审理，逾期将依法缺席判决。如不服本判决，可在公告期满后十五日内向本院递交上诉状及副本，上诉于上级人民法院。特此公告。
辽宁省沈阳市中级人民法院
本院受理原告诉被告合同纠纷一案，因你下落不明，依照《中华人民共和国民事诉讼法》第九十五条之规定，向你公告送达起诉状副本、应诉通知书、举证通知书、开庭传票及民事判决书等。自公告之日起经过三十日即视为送达。提出答辩状和举证的期限分别为公告期满后的十五日和三十日内。本案定于举证期满后第三日上午九时在本院第三法庭公开开庭审理，逾期将依法缺席判决。如不服本判决，可在公告期满后十五日内向本院递交上诉状及副本，上诉于上级人民法院。特此公告。
福建省厦门市中级人民法院
本院受理原告诉被告合同纠纷一案，因你下落不明，依照《中华人民共和国民事诉讼法》第九十五条之规定，向你公告送达起诉状副本、应诉通知书、举证通知书、开庭传票及民事判决书等。自公告之日起经过三十日即视为送达。提出答辩状和举证的期限分别为公告期满后的十五日和三十日内。本案定于举证期满后第三日上午九时在本院第三法庭公开开庭审理，逾期将依法缺席判决。如不服本判决，可在公告期满后十五日内向本院递交上诉状及副本，上诉于上级人民法院。特此公告。本院受理原告诉被告合同纠纷一案，因你下落不明，依照《中华人民共和国民事诉讼法》第九十五条之规定，向你公告送达起诉状副本、应诉通知书、举证通知书、开庭传票及民事判决书等。自公告之日起经过三十日即视为送达。提出答辩状和举证的期限分别为公告期满后的十五日和三十日内。本案定于举证期满后第三日上午九时在本院第三法庭公开开庭审理，逾期将依法缺席判决。如不服本判决，可在公告期满后十五日内向本院递交上诉状及副本，上诉于上级人民法院。特此公告。
安徽省合肥市中级人民法院
本院受理原告诉被告合同纠纷一案，因你下落不明，依照《中华人民共和国民事诉讼法》第九十五条之规定，向你公告送达起诉状副本、应诉通知书、举证通知书、开庭传票及民事判决书等。自公告之日起经过三十日即视为送达。提出答辩状和举证的期限分别为公告期满后的十五日和三十日内。本案定于举证期满后第三日上午九时在本院第三法庭公开开庭审理，逾期将依法缺席判决。如不服本判决，可在公告期满后十五日内向本院递交上诉状及副本，上诉于上级人民法院。特此公告。
贵州省贵阳市中级人民法院
本院受理原告诉被告合同纠纷一案，因你下落不明，依照《中华人民共和国民事诉讼法》第九十五条之规定，向你公告送达起诉状副本、应诉通知书、举证通知书、开庭传票及民事判决书等。自公告之日起经过三十日即视为送达。提出答辩状和举证的期限分别为公告期满后的十五日和三十日内。本案定于举证期满后第三日上午九时在本院第三法庭公开开庭审理，逾期将依法缺席判决。如不服本判决，可在公告期满后十五日内向本院递交上诉状及副本，上诉于上级人民法院。特此公告。本院受理原告诉被告合同纠纷一案，因你下落不明，依照《中华人民共和国民事诉讼法》第九十五条之规定，向你公告送达起诉状副本、应诉通知书、举证通知书、开庭传票及民事判决书等。自公告之日起经过三十日即视为送达。提出答辩状和举证的期限分别为公告期满后的十五日和三十日内。本案定于举证期满后第三日上午九时在本院第三法庭公开开庭审理，逾期将依法缺席判决。如不服本判决，可在公告期满后十五日内向本院递交上诉状及副本，上诉于上级人民法院。特此公告。
新疆维吾尔自治区阿克苏地区中级人民法院
本院受理原告诉被告合同纠纷一案，因你下落不明，依照《中华人民共和国民事诉讼法》第九十五条之规定，向你公告送达起诉状副本、应诉通知书、举证通知书、开庭传票及民事判决书等。自公告之日起经过三十日即视为送达。提出答辩状和举证的期限分别为公告期满后的十五日和三十日内。本案定于举证期满后第三日上午九时在本院第三法庭公开开庭审理，逾期将依法缺席判决。如不服本判决，可在公告期满后十五日内向本院递交上诉状及副本，上诉于上级人民法院。特此公告。
江苏省宿迁市中级人民法院
本院受理原告诉被告合同纠纷一案，因你下落不明，依照《中华人民共和国民事诉讼法》第九十五条之规定，向你公告送达起诉状副本、应诉通知书、举证通知书、开庭传票及民事判决书等。自公告之日起经过三十日即视为送达。提出答辩状和举证的期限分别为公告期满后的十五日和三十日内。本案定于举证期满后第三日上午九时在本院第三法庭公开开庭审理，逾期将依法缺席判决。如不服本判决，可在公告期满后十五日内向本院递交上诉状及副本，上诉于上级人民法院。特此公告。本院受理原告诉被告合同纠纷一案，因你下落不明，依照《中华人民共和国民事诉讼法》第九十五条之规定，向你公告送达起诉状副本、应诉通知书、举证通知书、开庭传票及民事判决书等。自公告之日起经过三十日即视为送达。提出答辩状和举证的期限分别为公告期满后的十五日和三十日内。本案定于举证期满后第三日上午九时在本院第三法庭公开开庭审理，逾期将依法缺席判决。如不服本判决，可在公告期满后十五日内向本院递交上诉状及副本，上诉于上级人民法院。特此公告。
北京市朝阳区人民法院
本院受理原告诉被告合同纠纷一案，因你下落不明，依照《中华人民共和国民事诉讼法》第九十五条之规定，向你公告送达起诉状副本、应诉通知书、举证通知书、开庭传票及民事判决书等。自公告之日起经过三十日即视为送达。提出答辩状和举证的期限分别为公告期满后的十五日和三十日内。本案定于举证期满后第三日上午九时在本院第三法庭公开开庭审理，逾期将依法缺席判决。如不服本判决，可在公告期满后十五日内向本院递交上诉状及副本，上诉于上级人民法院。特此公告。
广东省深圳市中级人民法院
本院受理原告诉被告合同纠纷一案，因你下落不明，依照《中华人民共和国民事诉讼法》第九十五条之规定，向你公告送达起诉状副本、应诉通知书、举证通知书、开庭传票及民事判决书等。自公告之日起经过三十日即视为送达。提出答辩状和举证的期限分别为公告期满后的十五日和三十日内。本案定于举证期满后第三日上午九时在本院第三法庭公开开庭审理，逾期将依法缺席判决。如不服本判决，可在公告期满后十五日内向本院递交上诉状及副本，上诉于上级人民法院。特此公告。本院受理原告诉被告合同纠纷一案，因你下落不明，依照《中华人民共和国民事诉讼法》第九十五条之规定，向你公告送达起诉状副本、应诉通知书、举证通知书、开庭传票及民事判决书等。自公告之日起经过三十日即视为送达。提出答辩状和举证的期限分别为公告期满后的十五日和三十日内。本案定于举证期满后第三日上午九时在本院第三法庭公开开庭审理，逾期将依法缺席判决。如不服本判决，可在公告期满后十五日内向本院递交上诉状及副本，上诉于上级人民法院。特此公告。
公告专栏
遗失声明
四川省成都市中级人民法院
本院受理原告诉被告合同纠纷一案，因你下落不明，依照《中华人民共和国民事诉讼法》第九十五条之规定，向你公告送达起诉状副本、应诉通知书、举证通知书、开庭传票及民事判决书等。自公告之日起经过三十日即视为送达。提出答辩状和举证的期限分别为公告期满后的十五日和三十日内。本案定于举证期满后第三日上午九时在本院第三法庭公开开庭审理，逾期将依法缺席判决。如不服本判决，可在公告期满后十五日内向本院递交上诉状及副本，上诉于上级人民法院。特此公告。本院受理原告诉被告合同纠纷一案，因你下落不明，依照《中华人民共和国民事诉讼法》第九十五条之规定，向你公告送达起诉状副本、应诉通知书、举证通知书、开庭传票及民事判决书等。自公告之日起经过三十日即视为送达。提出答辩状和举证的期限分别为公告期满后的十五日和三十日内。本案定于举证期满后第三日上午九时在本院第三法庭公开开庭审理，逾期将依法缺席判决。如不服本判决，可在公告期满后十五日内向本院递交上诉状及副本，上诉于上级人民法院。特此公告。
辽宁省沈阳市中级人民法院
本院受理原告诉被告合同纠纷一案，因你下落不明，依照《中华人民共和国民事诉讼法》第九十五条之规定，向你公告送达起诉状副本、应诉通知书、举证通知书、开庭传票及民事判决书等。自公告之日起经过三十日即视为送达。提出答辩状和举证的期限分别为公告期满后的十五日和三十日内。本案定于举证期满后第三日上午九时在本院第三法庭公开开庭审理，逾期将依法缺席判决。如不服本判决，可在公告期满后十五日内向本院递交上诉状及副本，上诉于上级人民法院。特此公告。
福建省厦门市中级人民法院
本院受理原告诉被告合同纠纷一案，因你下落不明，依照《中华人民共和国民事诉讼法》第九十五条之规定，向你公告送达起诉状副本、应诉通知书、举证通知书、开庭传票及民事判决书等。自公告之日起经过三十日即视为送达。提出答辩状和举证的期限分别为公告期满后的十五日和三十日内。本案定于举证期满后第三日上午九时在本院第三法庭公开开庭审理，逾期将依法缺席判决。如不服本判决，可在公告期满后十五日内向本院递交上诉状及副本，上诉于上级人民法院。特此公告。本院受理原告诉被告合同纠纷一案，因你下落不明，依照《中华人民共和国民事诉讼法》第九十五条之规定，向你公告送达起诉状副本、应诉通知书、举证通知书、开庭传票及民事判决书等。自公告之日起经过三十日即视为送达。提出答辩状和举证的期限分别为公告期满后的十五日和三十日内。本案定于举证期满后第三日上午九时在本院第三法庭公开开庭审理，逾期将依法缺席判决。如不服本判决，可在公告期满后十五日内向本院递交上诉状及副本，上诉于上级人民法院。特此公告。
安徽省合肥市中级人民法院
本院受理原告诉被告合同纠纷一案，因你下落不明，依照《中华人民共和国民事诉讼法》第九十五条之规定，向你公告送达起诉状副本、应诉通知书、举证通知书、开庭传票及民事判决书等。自公告之日起经过三十日即视为送达。提出答辩状和举证的期限分别为公告期满后的十五日和三十日内。本案定于举证期满后第三日上午九时在本院第三法庭公开开庭审理，逾期将依法缺席判决。如不服本判决，可在公告期满后十五日内向本院递交上诉状及副本，上诉于上级人民法院。特此公告。
贵州省贵阳市中级人民法院
本院受理原告诉被告合同纠纷一案，因你下落不明，依照《中华人民共和国民事诉讼法》第九十五条之规定，向你公告送达起诉状副本、应诉通知书、举证通知书、开庭传票及民事判决书等。自公告之日起经过三十日即视为送达。提出答辩状和举证的期限分别为公告期满后的十五日和三十日内。本案定于举证期满后第三日上午九时在本院第三法庭公开开庭审理，逾期将依法缺席判决。如不服本判决，可在公告期满后十五日内向本院递交上诉状及副本，上诉于上级人民法院。特此公告。本院受理原告诉被告合同纠纷一案，因你下落不明，依照《中华人民共和国民事诉讼法》第九十五条之规定，向你公告送达起诉状副本、应诉通知书、举证通知书、开庭传票及民事判决书等。自公告之日起经过三十日即视为送达。提出答辩状和举证的期限分别为公告期满后的十五日和三十日内。本案定于举证期满后第三日上午九时在本院第三法庭公开开庭审理，逾期将依法缺席判决。如不服本判决，可在公告期满后十五日内向本院递交上诉状及副本，上诉于上级人民法院。特此公告。
新疆维吾尔自治区阿克苏地区中级人民法院
本院受理原告诉被告合同纠纷一案，因你下落不明，依照《中华人民共和国民事诉讼法》第九十五条之规定，向你公告送达起诉状副本、应诉通知书、举证通知书、开庭传票及民事判决书等。自公告之日起经过三十日即视为送达。提出答辩状和举证的期限分别为公告期满后的十五日和三十日内。本案定于举证期满后第三日上午九时在本院第三法庭公开开庭审理，逾期将依法缺席判决。如不服本判决，可在公告期满后十五日内向本院递交上诉状及副本，上诉于上级人民法院。特此公告。
江苏省宿迁市中级人民法院
本院受理原告诉被告合同纠纷一案，因你下落不明，依照《中华人民共和国民事诉讼法》第九十五条之规定，向你公告送达起诉状副本、应诉通知书、举证通知书、开庭传票及民事判决书等。自公告之日起经过三十日即视为送达。提出答辩状和举证的期限分别为公告期满后的十五日和三十日内。本案定于举证期满后第三日上午九时在本院第三法庭公开开庭审理，逾期将依法缺席判决。如不服本判决，可在公告期满后十五日内向本院递交上诉状及副本，上诉于上级人民法院。特此公告。本院受理原告诉被告合同纠纷一案，因你下落不明，依照《中华人民共和国民事诉讼法》第九十五条之规定，向你公告送达起诉状副本、应诉通知书、举证通知书、开庭传票及民事判决书等。自公告之日起经过三十日即视为送达。提出答辩状和举证的期限分别为公告期满后的十五日和三十日内。本案定于举证期满后第三日上午九时在本院第三法庭公开开庭审理，逾期将依法缺席判决。如不服本判决，可在公告期满后十五日内向本院递交上诉状及副本，上诉于上级人民法院。特此公告。
北京市朝阳区人民法院
本院受理原告诉被告合同纠纷一案，因你下落不明，依照《中华人民共和国民事诉讼法》第九十五条之规定，向你公告送达起诉状副本、应诉通知书、举证通知书、开庭传票及民事判决书等。自公告之日起经过三十日即视为送达。提出答辩状和举证的期限分别为公告期满后的十五日和三十日内。本案定于举证期满后第三日上午九时在本院第三法庭公开开庭审理，逾期将依法缺席判决。如不服本判决，可在公告期满后十五日内向本院递交上诉状及副本，上诉于上级人民法院。特此公告。
广东省深圳市中级人民法院
本院受理原告诉被告合同纠纷一案，因你下落不明，依照《中华人民共和国民事诉讼法》第九十五条之规定，向你公告送达起诉状副本、应诉通知书、举证通知书、开庭传票及民事判决书等。自公告之日起经过三十日即视为送达。提出答辩状和举证的期限分别为公告期满后的十五日和三十日内。本案定于举证期满后第三日上午九时在本院第三法庭公开开庭审理，逾期将依法缺席判决。如不服本判决，可在公告期满后十五日内向本院递交上诉状及副本，上诉于上级人民法院。特此公告。本院受理原告诉被告合同纠纷一案，因你下落不明，依照《中华人民共和国民事诉讼法》第九十五条之规定，向你公告送达起诉状副本、应诉通知书、举证通知书、开庭传票及民事判决书等。自公告之日起经过三十日即视为送达。提出答辩状和举证的期限分别为公告期满后的十五日和三十日内。本案定于举证期满后第三日上午九时在本院第三法庭公开开庭审理，逾期将依法缺席判决。如不服本判决，可在公告期满后十五日内向本院递交上诉状及副本，上诉于上级人民法院。特此公告。
上海市浦东新区人民法院
本院受理原告诉被告合同纠纷一案，因你下落不明，依照《中华人民共和国民事诉讼法》第九十五条之规定，向你公告送达起诉状副本、应诉通知书、举证通知书、开庭传票及民事判决书等。自公告之日起经过三十日即视为送达。提出答辩状和举证的期限分别为公告期满后的十五日和三十日内。本案定于举证期满后第三日上午九时在本院第三法庭公开开庭审理，逾期将依法缺席判决。如不服本判决，可在公告期满后十五日内向本院递交上诉状及副本，上诉于上级人民法院。特此公告。
浙江省杭州市中级人民法院
本院受理原告诉被告合同纠纷一案，因你下落不明，依照《中华人民共和国民事诉讼法》第九十五条之规定，向你公告送达起诉状副本、应诉通知书、举证通知书、开庭传票及民事判决书等。自公告之日起经过三十日即视为送达。提出答辩状和举证的期限分别为公告期满后的十五日和三十日内。本案定于举证期满后第三日上午九时在本院第三法庭公开开庭审理，逾期将依法缺席判决。如不服本判决，可在公告期满后十五日内向本院递交上诉状及副本，上诉于上级人民法院。特此公告。本院受理原告诉被告合同纠纷一案，因你下落不明，依照《中华人民共和国民事诉讼法》第九十五条之规定，向你公告送达起诉状副本、应诉通知书、举证通知书、开庭传票及民事判决书等。自公告之日起经过三十日即视为送达。提出答辩状和举证的期限分别为公告期满后的十五日和三十日内。本案定于举证期满后第三日上午九时在本院第三法庭公开开庭审理，逾期将依法缺席判决。如不服本判决，可在公告期满后十五日内向本院递交上诉状及副本，上诉于上级人民法院。特此公告。
山东省青岛市中级人民法院
本院受理原告诉被告合同纠纷一案，因你下落不明，依照《中华人民共和国民事诉讼法》第九十五条之规定，向你公告送达起诉状副本、应诉通知书、举证通知书、开庭传票及民事判决书等。自公告之日起经过三十日即视为送达。提出答辩状和举证的期限分别为公告期满后的十五日和三十日内。本案定于举证期满后第三日上午九时在本院第三法庭公开开庭审理，逾期将依法缺席判决。如不服本判决，可在公告期满后十五日内向本院递交上诉状及副本，上诉于上级人民法院。特此公告。
河南省郑州市中级人民法院
本院受理原告诉被告合同纠纷一案，因你下落不明，依照《中华人民共和国民事诉讼法》第九十五条之规定，向你公告送达起诉状副本、应诉通知书、举证通知书、开庭传票及民事判决书等。自公告之日起经过三十日即视为送达。提出答辩状和举证的期限分别为公告期满后的十五日和三十日内。本案定于举证期满后第三日上午九时在本院第三法庭公开开庭审理，逾期将依法缺席判决。如不服本判决，可在公告期满后十五日内向本院递交上诉状及副本，上诉于上级人民法院。特此公告。本院受理原告诉被告合同纠纷一案，因你下落不明，依照《中华人民共和国民事诉讼法》第九十五条之规定，向你公告送达起诉状副本、应诉通知书、举证通知书、开庭传票及民事判决书等。自公告之日起经过三十日即视为送达。提出答辩状和举证的期限分别为公告期满后的十五日和三十日内。本案定于举证期满后第三日上午九时在本院第三法庭公开开庭审理，逾期将依法缺席判决。如不服本判决，可在公告期满后十五日内向本院递交上诉状及副本，上诉于上级人民法院。特此公告。
湖北省武汉市中级人民法院
本院受理原告诉被告合同纠纷一案，因你下落不明，依照《中华人民共和国民事诉讼法》第九十五条之规定，向你公告送达起诉状副本、应诉通知书、举证通知书、开庭传票及民事判决书等。自公告之日起经过三十日即视为送达。提出答辩状和举证的期限分别为公告期满后的十五日和三十日内。本案定于举证期满后第三日上午九时在本院第三法庭公开开庭审理，逾期将依法缺席判决。如不服本判决，可在公告期满后十五日内向本院递交上诉状及副本，上诉于上级人民法院。特此公告。
四川省成都市中级人民法院
本院受理原告诉被告合同纠纷一案，因你下落不明，依照《中华人民共和国民事诉讼法》第九十五条之规定，向你公告送达起诉状副本、应诉通知书、举证通知书、开庭传票及民事判决书等。自公告之日起经过三十日即视为送达。提出答辩状和举证的期限分别为公告期满后的十五日和三十日内。本案定于举证期满后第三日上午九时在本院第三法庭公开开庭审理，逾期将依法缺席判决。如不服本判决，可在公告期满后十五日内向本院递交上诉状及副本，上诉于上级人民法院。特此公告。本院受理原告诉被告合同纠纷一案，因你下落不明，依照《中华人民共和国民事诉讼法》第九十五条之规定，向你公告送达起诉状副本、应诉通知书、举证通知书、开庭传票及民事判决书等。自公告之日起经过三十日即视为送达。提出答辩状和举证的期限分别为公告期满后的十五日和三十日内。本案定于举证期满后第三日上午九时在本院第三法庭公开开庭审理，逾期将依法缺席判决。如不服本判决，可在公告期满后十五日内向本院递交上诉状及副本，上诉于上级人民法院。特此公告。
辽宁省沈阳市中级人民法院
本院受理原告诉被告合同纠纷一案，因你下落不明，依照《中华人民共和国民事诉讼法》第九十五条之规定，向你公告送达起诉状副本、应诉通知书、举证通知书、开庭传票及民事判决书等。自公告之日起经过三十日即视为送达。提出答辩状和举证的期限分别为公告期满后的十五日和三十日内。本案定于举证期满后第三日上午九时在本院第三法庭公开开庭审理，逾期将依法缺席判决。如不服本判决，可在公告期满后十五日内向本院递交上诉状及副本，上诉于上级人民法院。特此公告。
福建省厦门市中级人民法院
本院受理原告诉被告合同纠纷一案，因你下落不明，依照《中华人民共和国民事诉讼法》第九十五条之规定，向你公告送达起诉状副本、应诉通知书、举证通知书、开庭传票及民事判决书等。自公告之日起经过三十日即视为送达。提出答辩状和举证的期限分别为公告期满后的十五日和三十日内。本案定于举证期满后第三日上午九时在本院第三法庭公开开庭审理，逾期将依法缺席判决。如不服本判决，可在公告期满后十五日内向本院递交上诉状及副本，上诉于上级人民法院。特此公告。本院受理原告诉被告合同纠纷一案，因你下落不明，依照《中华人民共和国民事诉讼法》第九十五条之规定，向你公告送达起诉状副本、应诉通知书、举证通知书、开庭传票及民事判决书等。自公告之日起经过三十日即视为送达。提出答辩状和举证的期限分别为公告期满后的十五日和三十日内。本案定于举证期满后第三日上午九时在本院第三法庭公开开庭审理，逾期将依法缺席判决。如不服本判决，可在公告期满后十五日内向本院递交上诉状及副本，上诉于上级人民法院。特此公告。
安徽省合肥市中级人民法院
本院受理原告诉被告合同纠纷一案，因你下落不明，依照《中华人民共和国民事诉讼法》第九十五条之规定，向你公告送达起诉状副本、应诉通知书、举证通知书、开庭传票及民事判决书等。自公告之日起经过三十日即视为送达。提出答辩状和举证的期限分别为公告期满后的十五日和三十日内。本案定于举证期满后第三日上午九时在本院第三法庭公开开庭审理，逾期将依法缺席判决。如不服本判决，可在公告期满后十五日内向本院递交上诉状及副本，上诉于上级人民法院。特此公告。
贵州省贵阳市中级人民法院
本院受理原告诉被告合同纠纷一案，因你下落不明，依照《中华人民共和国民事诉讼法》第九十五条之规定，向你公告送达起诉状副本、应诉通知书、举证通知书、开庭传票及民事判决书等。自公告之日起经过三十日即视为送达。提出答辩状和举证的期限分别为公告期满后的十五日和三十日内。本案定于举证期满后第三日上午九时在本院第三法庭公开开庭审理，逾期将依法缺席判决。如不服本判决，可在公告期满后十五日内向本院递交上诉状及副本，上诉于上级人民法院。特此公告。本院受理原告诉被告合同纠纷一案，因你下落不明，依照《中华人民共和国民事诉讼法》第九十五条之规定，向你公告送达起诉状副本、应诉通知书、举证通知书、开庭传票及民事判决书等。自公告之日起经过三十日即视为送达。提出答辩状和举证的期限分别为公告期满后的十五日和三十日内。本案定于举证期满后第三日上午九时在本院第三法庭公开开庭审理，逾期将依法缺席判决。如不服本判决，可在公告期满后十五日内向本院递交上诉状及副本，上诉于上级人民法院。特此公告。
新疆维吾尔自治区阿克苏地区中级人民法院
本院受理原告诉被告合同纠纷一案，因你下落不明，依照《中华人民共和国民事诉讼法》第九十五条之规定，向你公告送达起诉状副本、应诉通知书、举证通知书、开庭传票及民事判决书等。自公告之日起经过三十日即视为送达。提出答辩状和举证的期限分别为公告期满后的十五日和三十日内。本案定于举证期满后第三日上午九时在本院第三法庭公开开庭审理，逾期将依法缺席判决。如不服本判决，可在公告期满后十五日内向本院递交上诉状及副本，上诉于上级人民法院。特此公告。
江苏省宿迁市中级人民法院
本院受理原告诉被告合同纠纷一案，因你下落不明，依照《中华人民共和国民事诉讼法》第九十五条之规定，向你公告送达起诉状副本、应诉通知书、举证通知书、开庭传票及民事判决书等。自公告之日起经过三十日即视为送达。提出答辩状和举证的期限分别为公告期满后的十五日和三十日内。本案定于举证期满后第三日上午九时在本院第三法庭公开开庭审理，逾期将依法缺席判决。如不服本判决，可在公告期满后十五日内向本院递交上诉状及副本，上诉于上级人民法院。特此公告。本院受理原告诉被告合同纠纷一案，因你下落不明，依照《中华人民共和国民事诉讼法》第九十五条之规定，向你公告送达起诉状副本、应诉通知书、举证通知书、开庭传票及民事判决书等。自公告之日起经过三十日即视为送达。提出答辩状和举证的期限分别为公告期满后的十五日和三十日内。本案定于举证期满后第三日上午九时在本院第三法庭公开开庭审理，逾期将依法缺席判决。如不服本判决，可在公告期满后十五日内向本院递交上诉状及副本，上诉于上级人民法院。特此公告。
北京市朝阳区人民法院
本院受理原告诉被告合同纠纷一案，因你下落不明，依照《中华人民共和国民事诉讼法》第九十五条之规定，向你公告送达起诉状副本、应诉通知书、举证通知书、开庭传票及民事判决书等。自公告之日起经过三十日即视为送达。提出答辩状和举证的期限分别为公告期满后的十五日和三十日内。本案定于举证期满后第三日上午九时在本院第三法庭公开开庭审理，逾期将依法缺席判决。如不服本判决，可在公告期满后十五日内向本院递交上诉状及副本，上诉于上级人民法院。特此公告。
仲裁公告
广东省深圳市中级人民法院
本院受理原告诉被告合同纠纷一案，因你下落不明，依照《中华人民共和国民事诉讼法》第九十五条之规定，向你公告送达起诉状副本、应诉通知书、举证通知书、开庭传票及民事判决书等。自公告之日起经过三十日即视为送达。提出答辩状和举证的期限分别为公告期满后的十五日和三十日内。本案定于举证期满后第三日上午九时在本院第三法庭公开开庭审理，逾期将依法缺席判决。如不服本判决，可在公告期满后十五日内向本院递交上诉状及副本，上诉于上级人民法院。特此公告。本院受理原告诉被告合同纠纷一案，因你下落不明，依照《中华人民共和国民事诉讼法》第九十五条之规定，向你公告送达起诉状副本、应诉通知书、举证通知书、开庭传票及民事判决书等。自公告之日起经过三十日即视为送达。提出答辩状和举证的期限分别为公告期满后的十五日和三十日内。本案定于举证期满后第三日上午九时在本院第三法庭公开开庭审理，逾期将依法缺席判决。如不服本判决，可在公告期满后十五日内向本院递交上诉状及副本，上诉于上级人民法院。特此公告。
上海市浦东新区人民法院
本院受理原告诉被告合同纠纷一案，因你下落不明，依照《中华人民共和国民事诉讼法》第九十五条之规定，向你公告送达起诉状副本、应诉通知书、举证通知书、开庭传票及民事判决书等。自公告之日起经过三十日即视为送达。提出答辩状和举证的期限分别为公告期满后的十五日和三十日内。本案定于举证期满后第三日上午九时在本院第三法庭公开开庭审理，逾期将依法缺席判决。如不服本判决，可在公告期满后十五日内向本院递交上诉状及副本，上诉于上级人民法院。特此公告。
浙江省杭州市中级人民法院
本院受理原告诉被告合同纠纷一案，因你下落不明，依照《中华人民共和国民事诉讼法》第九十五条之规定，向你公告送达起诉状副本、应诉通知书、举证通知书、开庭传票及民事判决书等。自公告之日起经过三十日即视为送达。提出答辩状和举证的期限分别为公告期满后的十五日和三十日内。本案定于举证期满后第三日上午九时在本院第三法庭公开开庭审理，逾期将依法缺席判决。如不服本判决，可在公告期满后十五日内向本院递交上诉状及副本，上诉于上级人民法院。特此公告。本院受理原告诉被告合同纠纷一案，因你下落不明，依照《中华人民共和国民事诉讼法》第九十五条之规定，向你公告送达起诉状副本、应诉通知书、举证通知书、开庭传票及民事判决书等。自公告之日起经过三十日即视为送达。提出答辩状和举证的期限分别为公告期满后的十五日和三十日内。本案定于举证期满后第三日上午九时在本院第三法庭公开开庭审理，逾期将依法缺席判决。如不服本判决，可在公告期满后十五日内向本院递交上诉状及副本，上诉于上级人民法院。特此公告。
山东省青岛市中级人民法院
本院受理原告诉被告合同纠纷一案，因你下落不明，依照《中华人民共和国民事诉讼法》第九十五条之规定，向你公告送达起诉状副本、应诉通知书、举证通知书、开庭传票及民事判决书等。自公告之日起经过三十日即视为送达。提出答辩状和举证的期限分别为公告期满后的十五日和三十日内。本案定于举证期满后第三日上午九时在本院第三法庭公开开庭审理，逾期将依法缺席判决。如不服本判决，可在公告期满后十五日内向本院递交上诉状及副本，上诉于上级人民法院。特此公告。
